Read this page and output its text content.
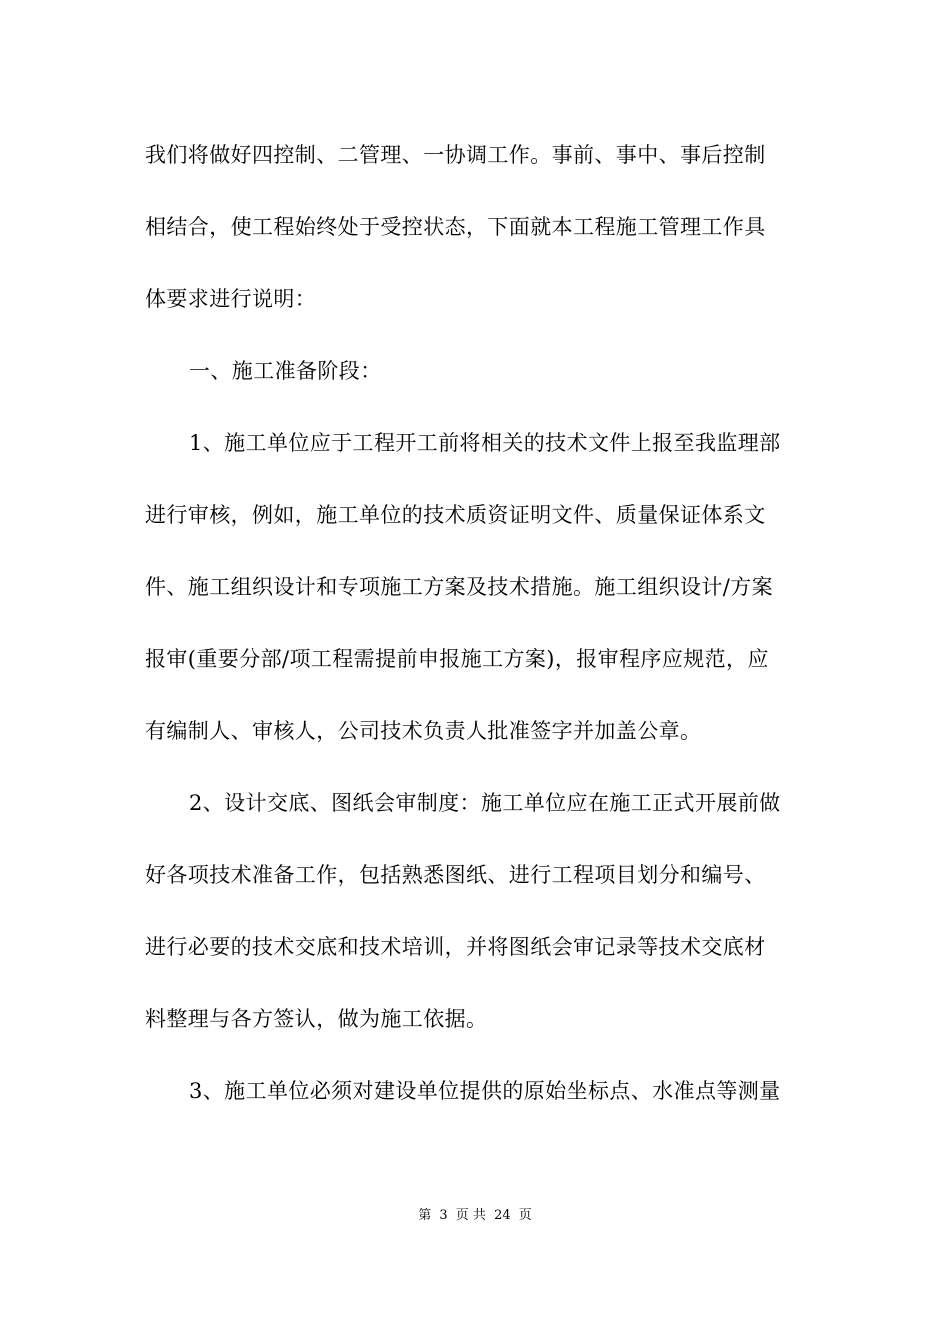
我们将做好四控制、二管理、一协调工作。事前、事中、事后控制
相结合，使工程始终处于受控状态，下面就本工程施工管理工作具
体要求进行说明：
一、施工准备阶段：
1、施工单位应于工程开工前将相关的技术文件上报至我监理部
进行审核，例如，施工单位的技术质资证明文件、质量保证体系文
件、施工组织设计和专项施工方案及技术措施。施工组织设计/方案
报审(重要分部/项工程需提前申报施工方案)，报审程序应规范，应
有编制人、审核人，公司技术负责人批准签字并加盖公章。
2、设计交底、图纸会审制度：施工单位应在施工正式开展前做
好各项技术准备工作，包括熟悉图纸、进行工程项目划分和编号、
进行必要的技术交底和技术培训，并将图纸会审记录等技术交底材
料整理与各方签认，做为施工依据。
3、施工单位必须对建设单位提供的原始坐标点、水准点等测量
第 3 页 共 24 页
